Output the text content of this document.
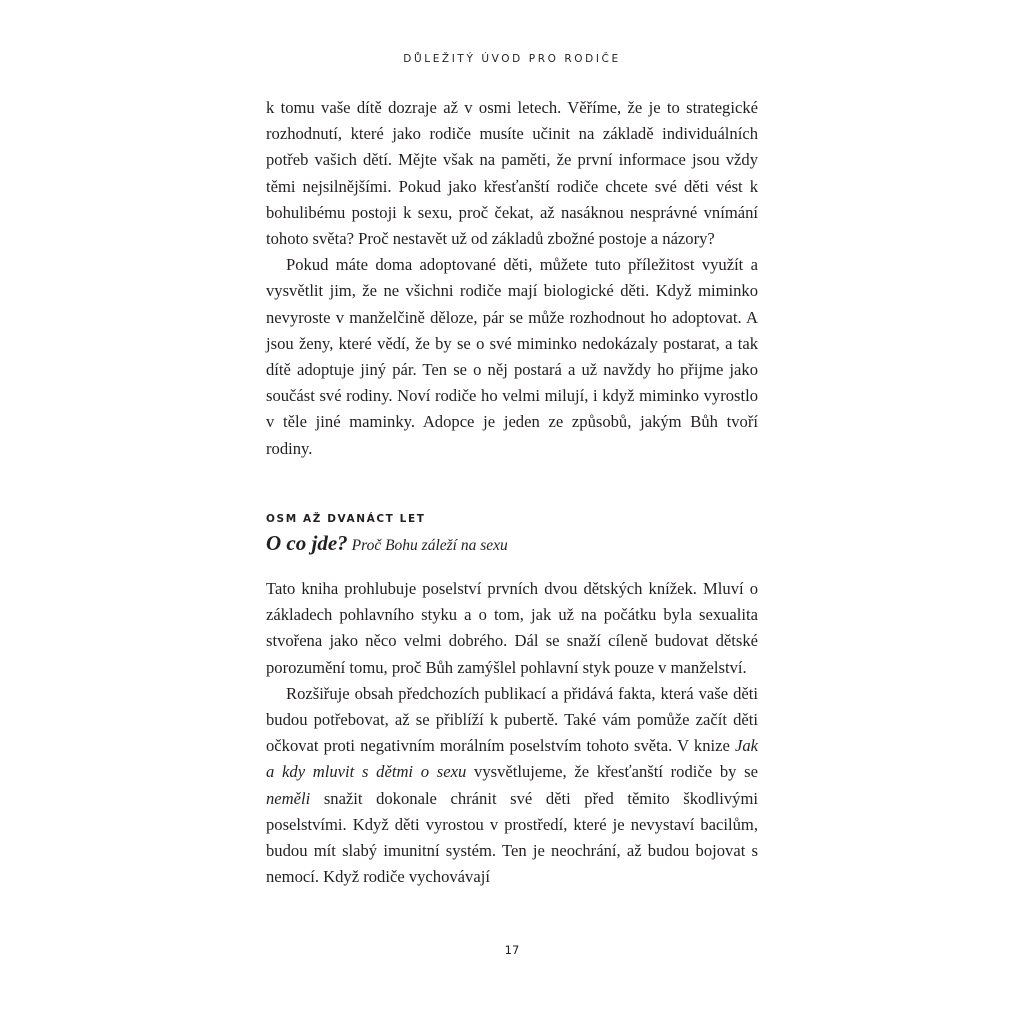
DŮLEŽITÝ ÚVOD PRO RODIČE

k tomu vaše dítě dozraje až v osmi letech. Věříme, že je to strategické rozhodnutí, které jako rodiče musíte učinit na základě individuálních potřeb vašich dětí. Mějte však na paměti, že první informace jsou vždy těmi nejsilnějšími. Pokud jako křesťanští rodiče chcete své děti vést k bohulibému postoji k sexu, proč čekat, až nasáknou nesprávné vnímání tohoto světa? Proč nestavět už od základů zbožné postoje a názory?

Pokud máte doma adoptované děti, můžete tuto příležitost využít a vysvětlit jim, že ne všichni rodiče mají biologické děti. Když miminko nevyroste v manželčině děloze, pár se může rozhodnout ho adoptovat. A jsou ženy, které vědí, že by se o své miminko nedokázaly postarat, a tak dítě adoptuje jiný pár. Ten se o něj postará a už navždy ho přijme jako součást své rodiny. Noví rodiče ho velmi milují, i když miminko vyrostlo v těle jiné maminky. Adopce je jeden ze způsobů, jakým Bůh tvoří rodiny.

OSM AŽ DVANÁCT LET
O co jde? Proč Bohu záleží na sexu

Tato kniha prohlubuje poselství prvních dvou dětských knížek. Mluví o základech pohlavního styku a o tom, jak už na počátku byla sexualita stvořena jako něco velmi dobrého. Dál se snaží cíleně budovat dětské porozumění tomu, proč Bůh zamýšlel pohlavní styk pouze v manželství.

Rozšiřuje obsah předchozích publikací a přidává fakta, která vaše děti budou potřebovat, až se přiblíží k pubertě. Také vám pomůže začít děti očkovat proti negativním morálním poselstvím tohoto světa. V knize Jak a kdy mluvit s dětmi o sexu vysvětlujeme, že křesťanští rodiče by se neměli snažit dokonale chránit své děti před těmito škodlivými poselstvími. Když děti vyrostou v prostředí, které je nevystaví bacilům, budou mít slabý imunitní systém. Ten je neochrání, až budou bojovat s nemocí. Když rodiče vychovávají

17
